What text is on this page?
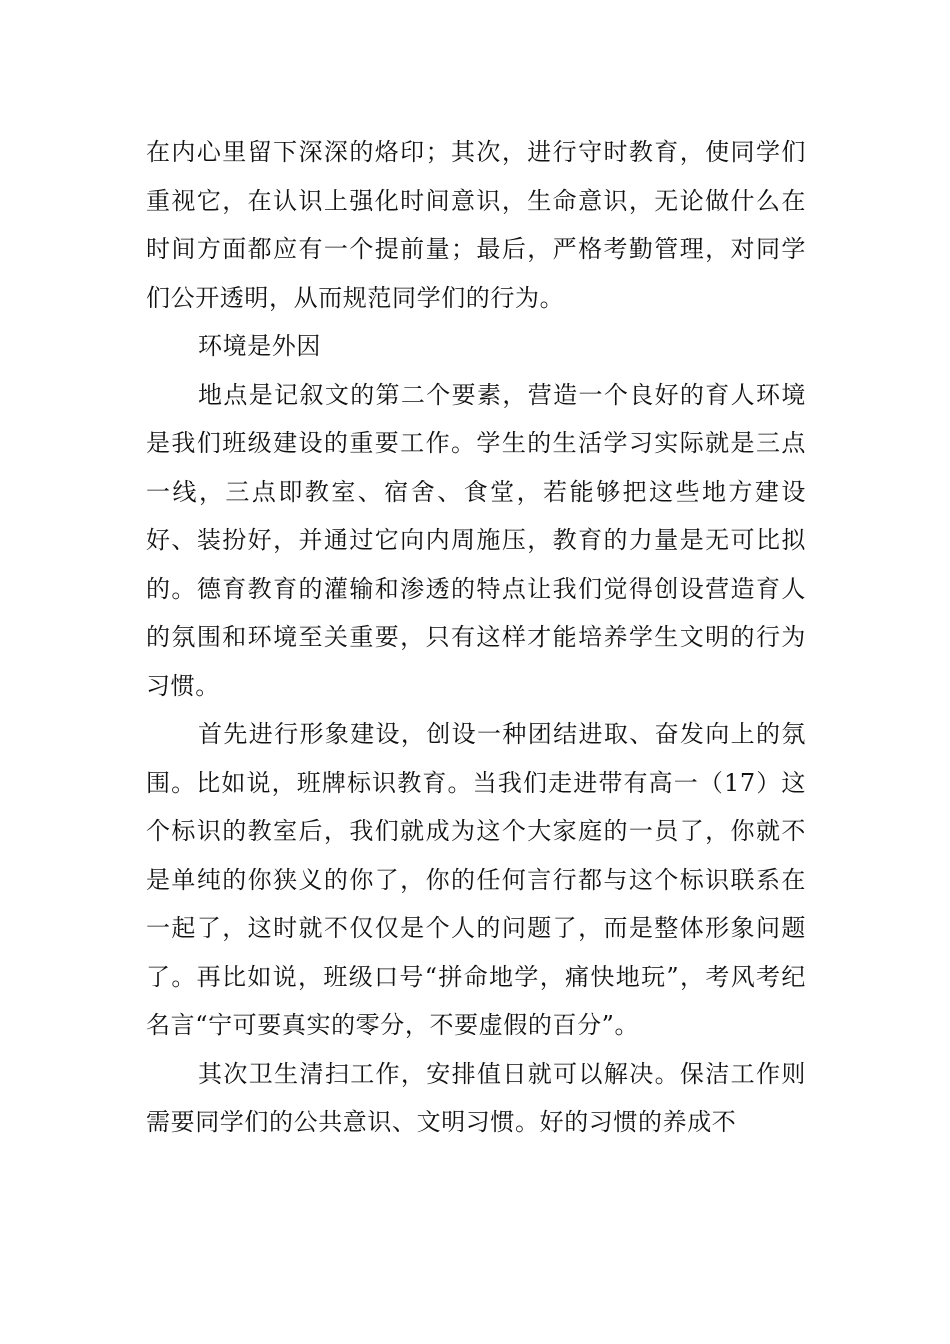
在内心里留下深深的烙印；其次，进行守时教育，使同学们重视它，在认识上强化时间意识，生命意识，无论做什么在时间方面都应有一个提前量；最后，严格考勤管理，对同学们公开透明，从而规范同学们的行为。

环境是外因

地点是记叙文的第二个要素，营造一个良好的育人环境是我们班级建设的重要工作。学生的生活学习实际就是三点一线，三点即教室、宿舍、食堂，若能够把这些地方建设好、装扮好，并通过它向内周施压，教育的力量是无可比拟的。德育教育的灌输和渗透的特点让我们觉得创设营造育人的氛围和环境至关重要，只有这样才能培养学生文明的行为习惯。

首先进行形象建设，创设一种团结进取、奋发向上的氛围。比如说，班牌标识教育。当我们走进带有高一（17）这个标识的教室后，我们就成为这个大家庭的一员了，你就不是单纯的你狭义的你了，你的任何言行都与这个标识联系在一起了，这时就不仅仅是个人的问题了，而是整体形象问题了。再比如说，班级口号“拼命地学，痛快地玩”，考风考纪名言“宁可要真实的零分，不要虚假的百分”。

其次卫生清扫工作，安排值日就可以解决。保洁工作则需要同学们的公共意识、文明习惯。好的习惯的养成不
